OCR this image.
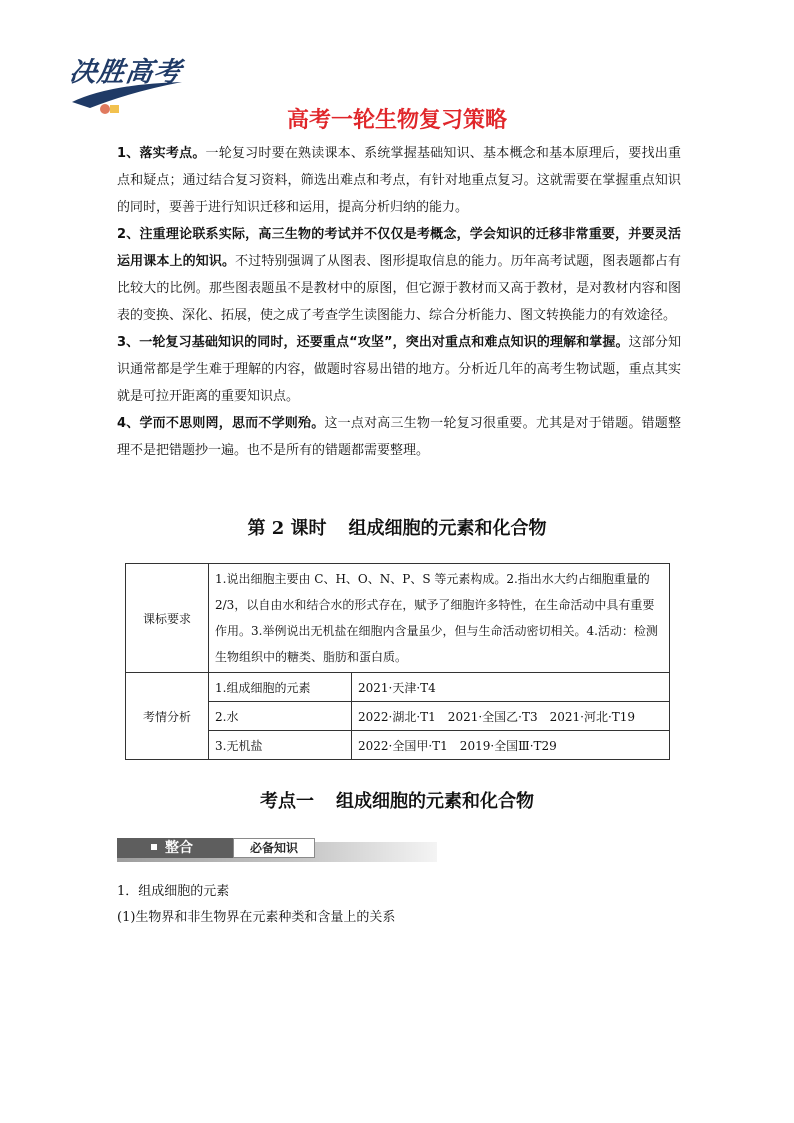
决胜高考
高考一轮生物复习策略

1、落实考点。一轮复习时要在熟读课本、系统掌握基础知识、基本概念和基本原理后，要找出重点和疑点；通过结合复习资料，筛选出难点和考点，有针对地重点复习。这就需要在掌握重点知识的同时，要善于进行知识迁移和运用，提高分析归纳的能力。

2、注重理论联系实际，高三生物的考试并不仅仅是考概念，学会知识的迁移非常重要，并要灵活运用课本上的知识。不过特别强调了从图表、图形提取信息的能力。历年高考试题，图表题都占有比较大的比例。那些图表题虽不是教材中的原图，但它源于教材而又高于教材，是对教材内容和图表的变换、深化、拓展，使之成了考查学生读图能力、综合分析能力、图文转换能力的有效途径。

3、一轮复习基础知识的同时，还要重点“攻坚”，突出对重点和难点知识的理解和掌握。这部分知识通常都是学生难于理解的内容，做题时容易出错的地方。分析近几年的高考生物试题，重点其实就是可拉开距离的重要知识点。

4、学而不思则罔，思而不学则殆。这一点对高三生物一轮复习很重要。尤其是对于错题。错题整理不是把错题抄一遍。也不是所有的错题都需要整理。

第 2 课时 组成细胞的元素和化合物
课标要求	1.说出细胞主要由 C、H、O、N、P、S 等元素构成。2.指出水大约占细胞重量的 2/3，以自由水和结合水的形式存在，赋予了细胞许多特性，在生命活动中具有重要作用。3.举例说出无机盐在细胞内含量虽少，但与生命活动密切相关。4.活动：检测生物组织中的糖类、脂肪和蛋白质。	
考情分析	1.组成细胞的元素	2021·天津·T4
	2.水	2022·湖北·T1　2021·全国乙·T3　2021·河北·T19
	3.无机盐	2022·全国甲·T1　2019·全国Ⅲ·T29
考点一 组成细胞的元素和化合物
整合	必备知识

1．组成细胞的元素

(1)生物界和非生物界在元素种类和含量上的关系
